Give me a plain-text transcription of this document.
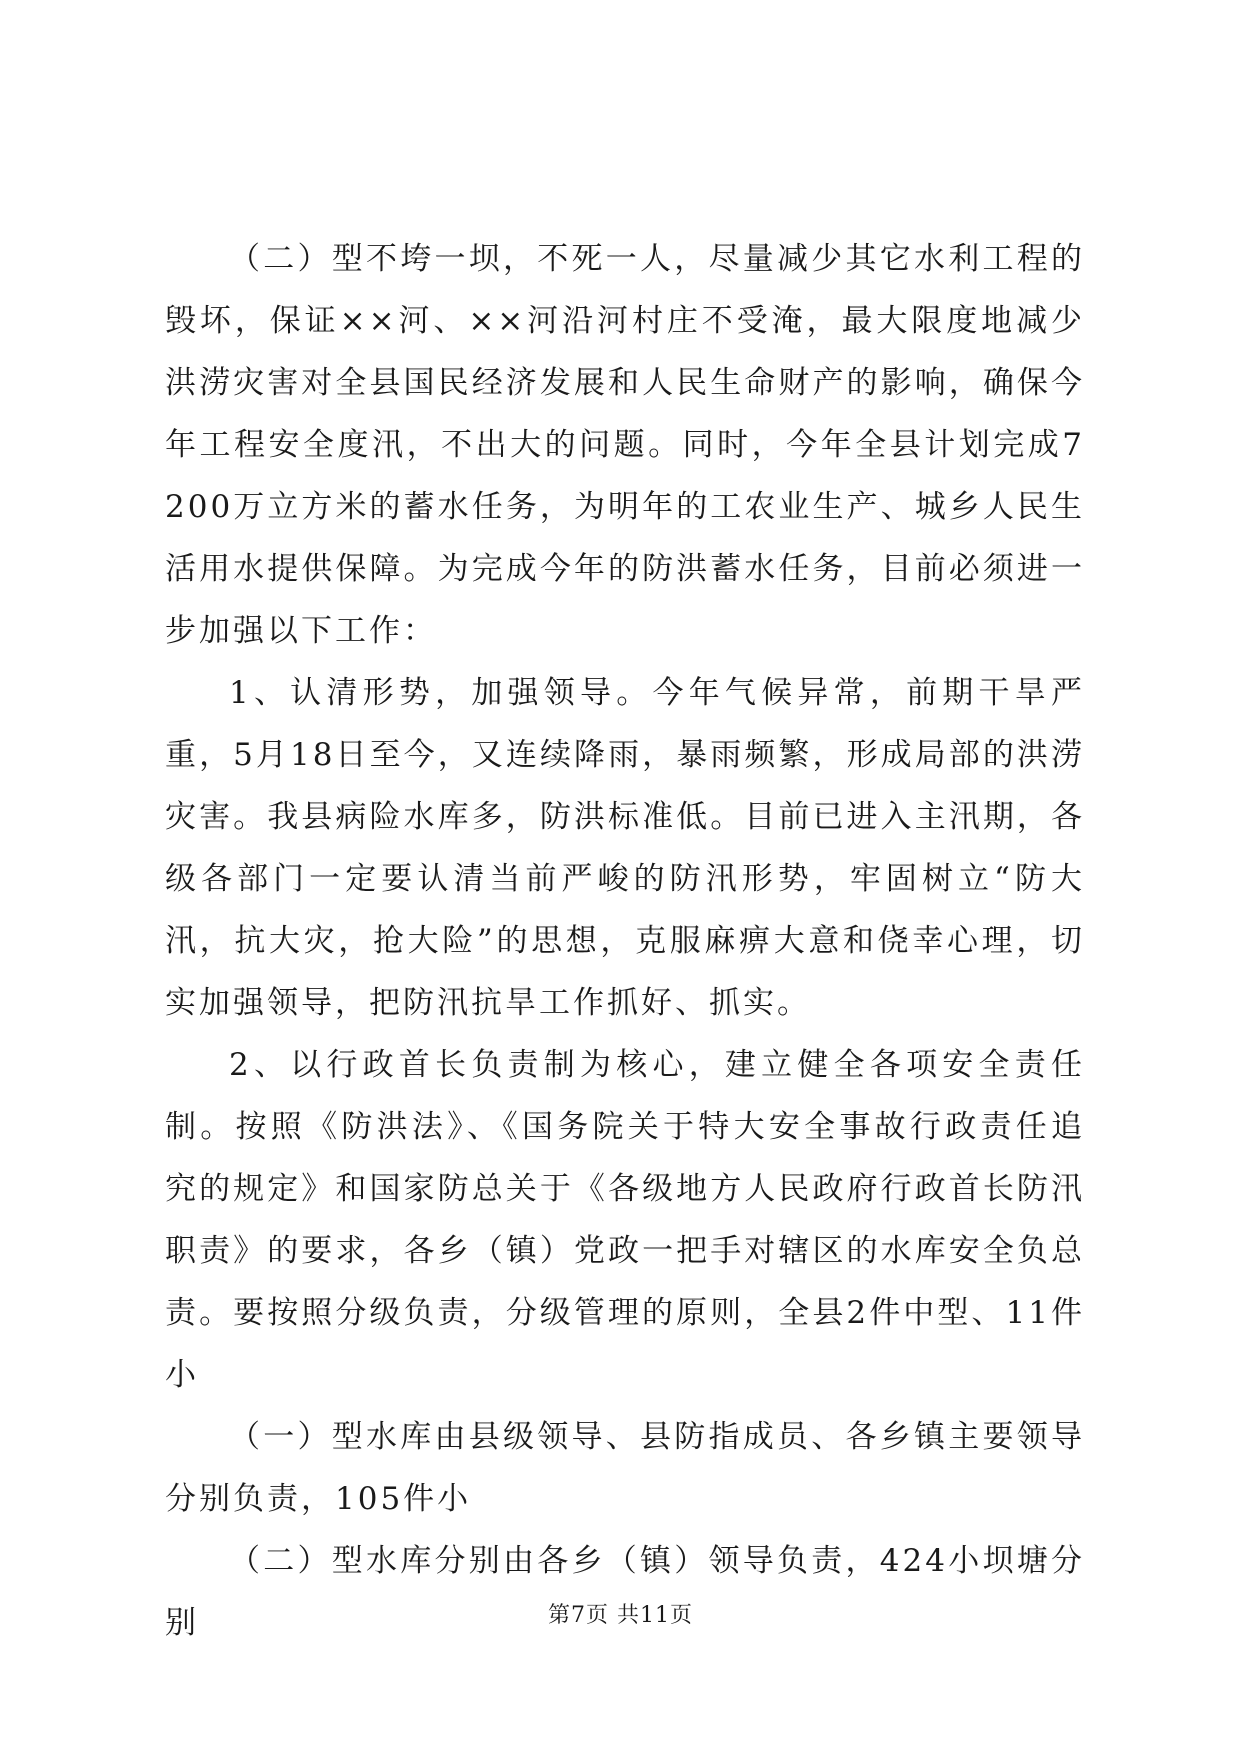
（二）型不垮一坝，不死一人，尽量减少其它水利工程的毁坏，保证××河、××河沿河村庄不受淹，最大限度地减少洪涝灾害对全县国民经济发展和人民生命财产的影响，确保今年工程安全度汛，不出大的问题。同时，今年全县计划完成7200万立方米的蓄水任务，为明年的工农业生产、城乡人民生活用水提供保障。为完成今年的防洪蓄水任务，目前必须进一步加强以下工作：

1、认清形势，加强领导。今年气候异常，前期干旱严重，5月18日至今，又连续降雨，暴雨频繁，形成局部的洪涝灾害。我县病险水库多，防洪标准低。目前已进入主汛期，各级各部门一定要认清当前严峻的防汛形势，牢固树立“防大汛，抗大灾，抢大险”的思想，克服麻痹大意和侥幸心理，切实加强领导，把防汛抗旱工作抓好、抓实。

2、以行政首长负责制为核心，建立健全各项安全责任制。按照《防洪法》、《国务院关于特大安全事故行政责任追究的规定》和国家防总关于《各级地方人民政府行政首长防汛职责》的要求，各乡（镇）党政一把手对辖区的水库安全负总责。要按照分级负责，分级管理的原则，全县2件中型、11件小

（一）型水库由县级领导、县防指成员、各乡镇主要领导分别负责，105件小

（二）型水库分别由各乡（镇）领导负责，424小坝塘分别	第7页 共11页
